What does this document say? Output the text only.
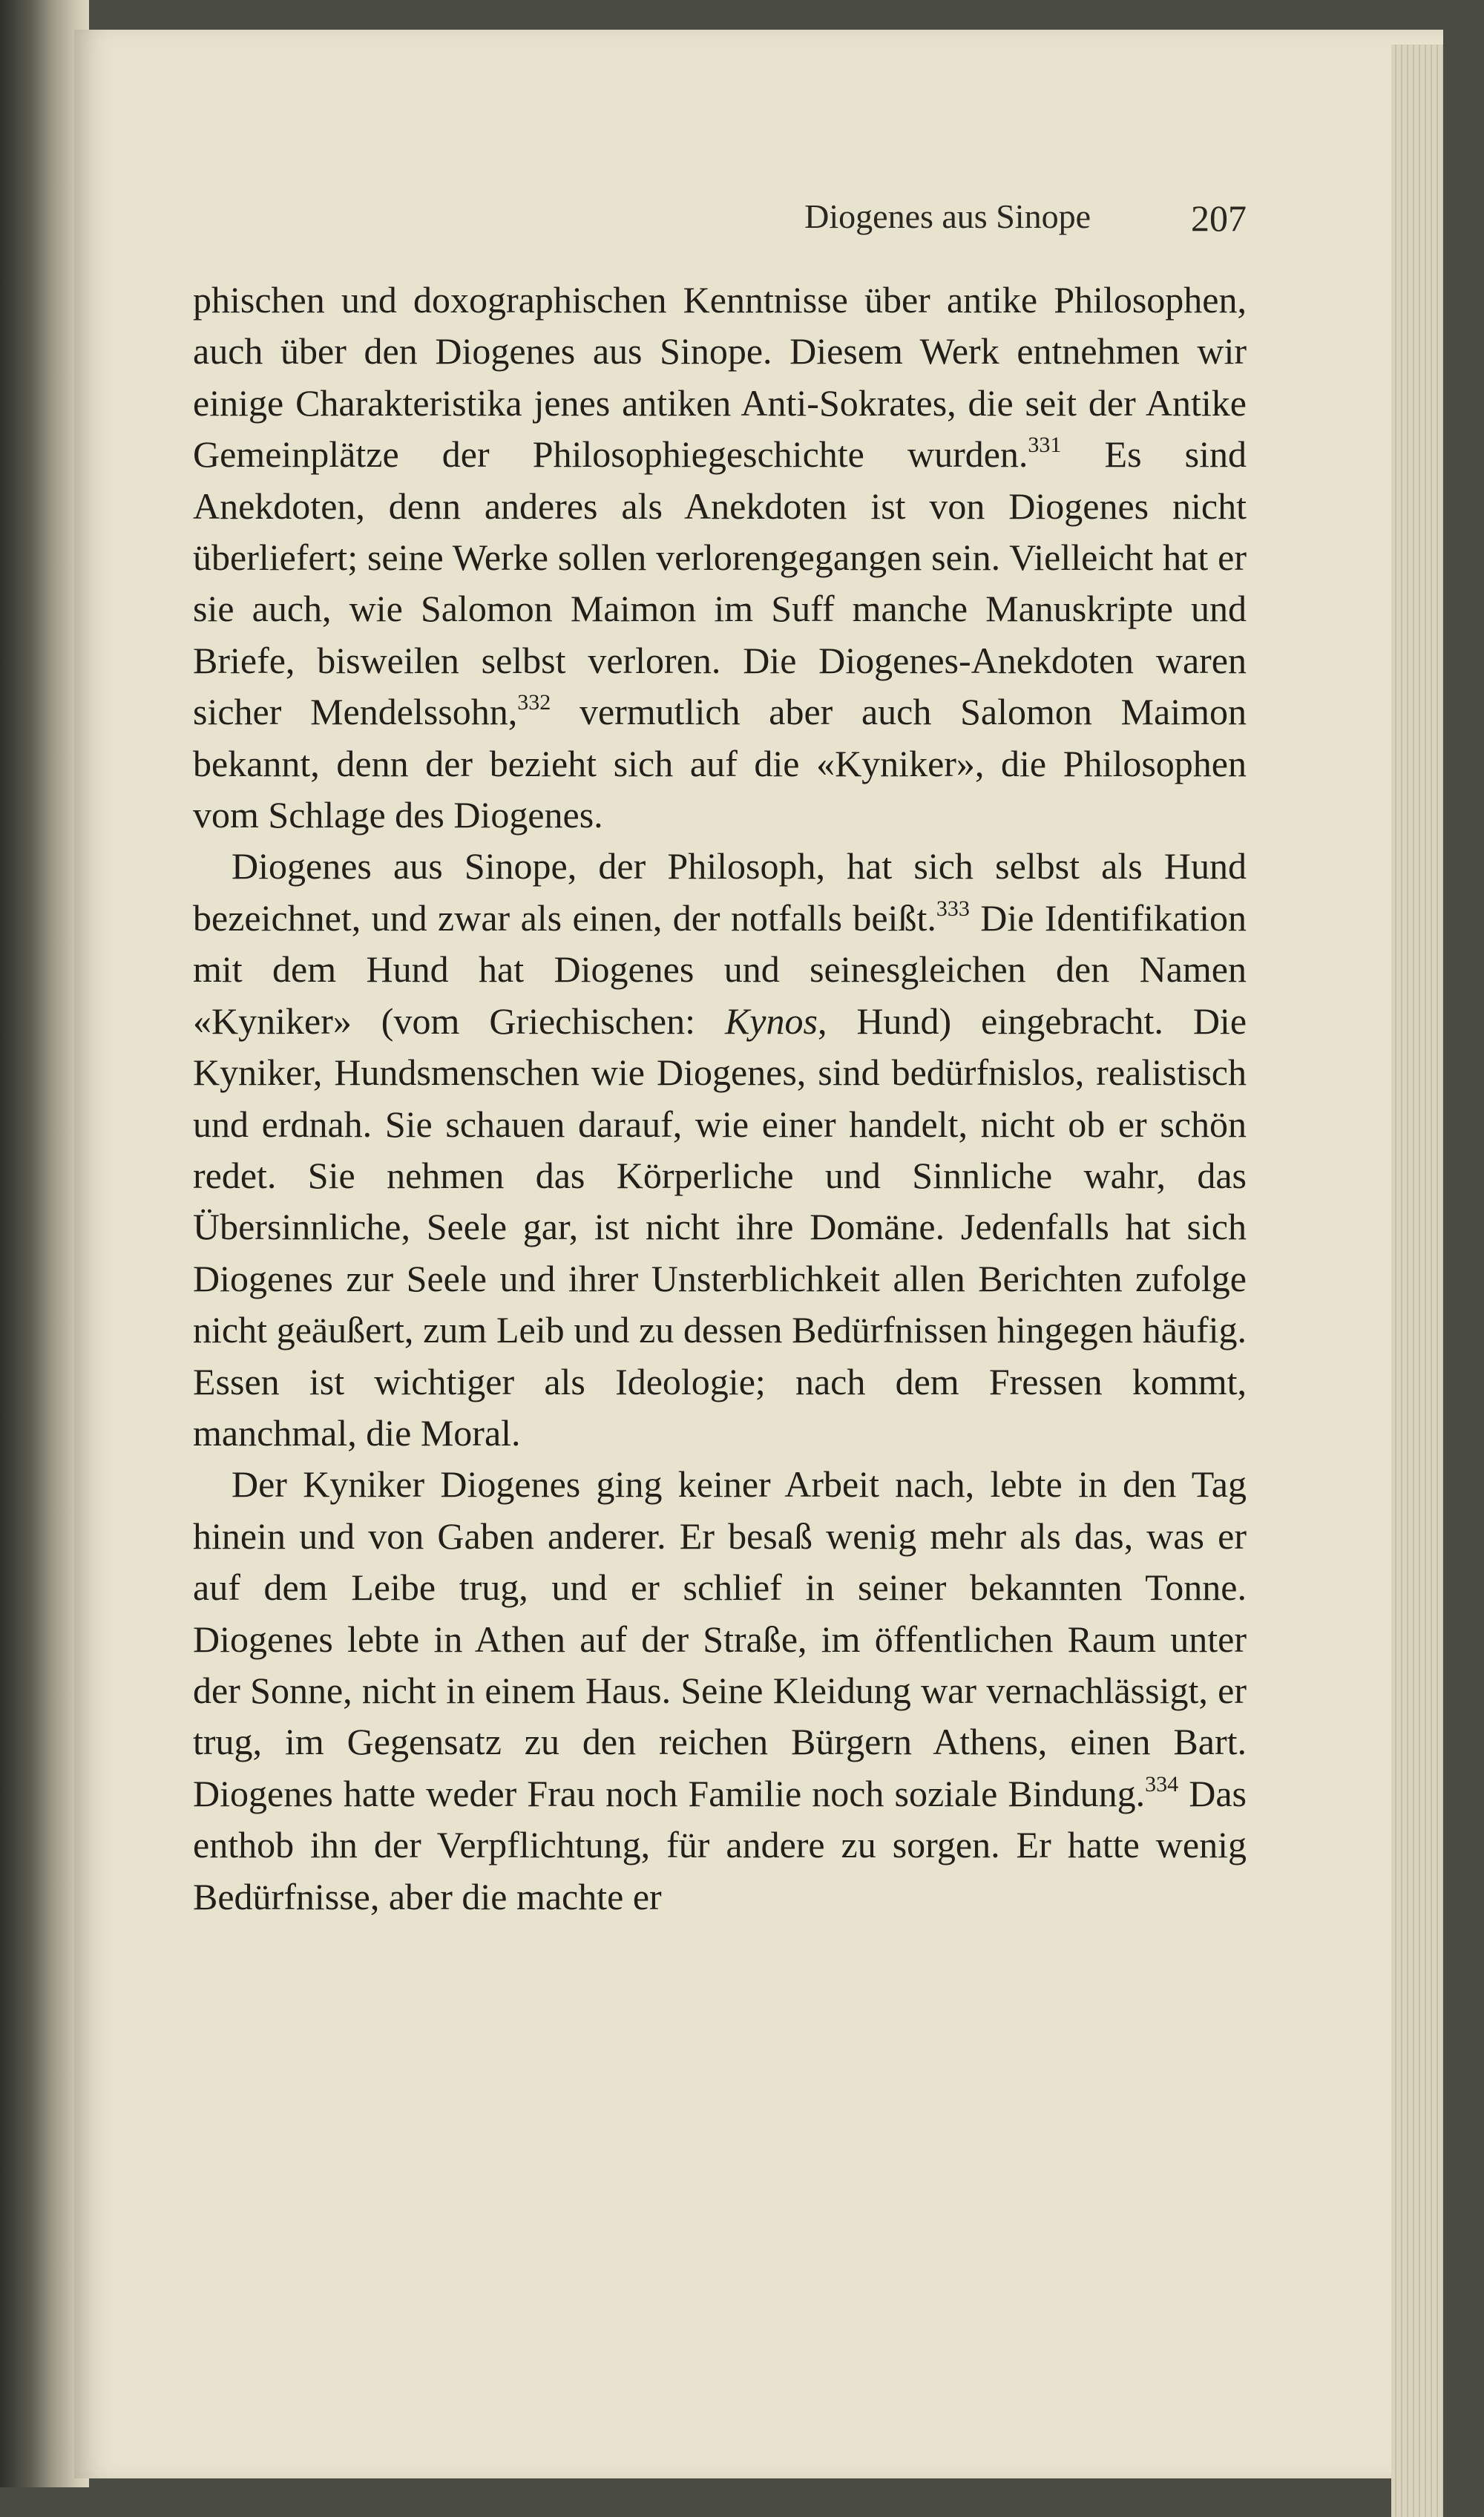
Diogenes aus Sinope	207

phischen und doxographischen Kenntnisse über antike Philosophen, auch über den Diogenes aus Sinope. Diesem Werk entnehmen wir einige Charakteristika jenes antiken Anti-Sokrates, die seit der Antike Gemeinplätze der Philosophiegeschichte wurden.$^{331}$ Es sind Anekdoten, denn anderes als Anekdoten ist von Diogenes nicht überliefert; seine Werke sollen verlorengegangen sein. Vielleicht hat er sie auch, wie Salomon Maimon im Suff manche Manuskripte und Briefe, bisweilen selbst verloren. Die Diogenes-Anekdoten waren sicher Mendelssohn,$^{332}$ vermutlich aber auch Salomon Maimon bekannt, denn der bezieht sich auf die «Kyniker», die Philosophen vom Schlage des Diogenes.

Diogenes aus Sinope, der Philosoph, hat sich selbst als Hund bezeichnet, und zwar als einen, der notfalls beißt.$^{333}$ Die Identifikation mit dem Hund hat Diogenes und seinesgleichen den Namen «Kyniker» (vom Griechischen: Kynos, Hund) eingebracht. Die Kyniker, Hundsmenschen wie Diogenes, sind bedürfnislos, realistisch und erdnah. Sie schauen darauf, wie einer handelt, nicht ob er schön redet. Sie nehmen das Körperliche und Sinnliche wahr, das Übersinnliche, Seele gar, ist nicht ihre Domäne. Jedenfalls hat sich Diogenes zur Seele und ihrer Unsterblichkeit allen Berichten zufolge nicht geäußert, zum Leib und zu dessen Bedürfnissen hingegen häufig. Essen ist wichtiger als Ideologie; nach dem Fressen kommt, manchmal, die Moral.

Der Kyniker Diogenes ging keiner Arbeit nach, lebte in den Tag hinein und von Gaben anderer. Er besaß wenig mehr als das, was er auf dem Leibe trug, und er schlief in seiner bekannten Tonne. Diogenes lebte in Athen auf der Straße, im öffentlichen Raum unter der Sonne, nicht in einem Haus. Seine Kleidung war vernachlässigt, er trug, im Gegensatz zu den reichen Bürgern Athens, einen Bart. Diogenes hatte weder Frau noch Familie noch soziale Bindung.$^{334}$ Das enthob ihn der Verpflichtung, für andere zu sorgen. Er hatte wenig Bedürfnisse, aber die machte er
